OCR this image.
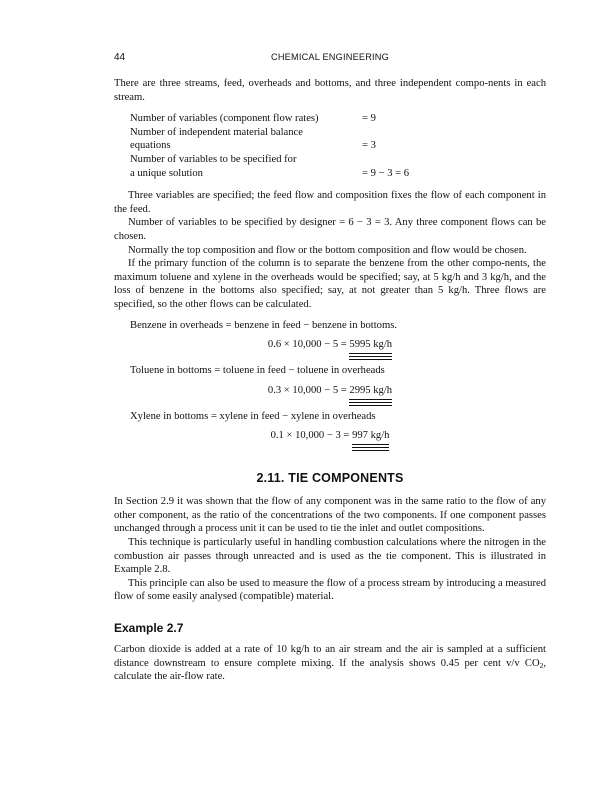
44	CHEMICAL ENGINEERING

There are three streams, feed, overheads and bottoms, and three independent compo-nents in each stream.

Number of variables (component flow rates)	= 9
Number of independent material balance
equations	= 3
Number of variables to be specified for
a unique solution	= 9 − 3 = 6

Three variables are specified; the feed flow and composition fixes the flow of each component in the feed.

Number of variables to be specified by designer = 6 − 3 = 3. Any three component flows can be chosen.

Normally the top composition and flow or the bottom composition and flow would be chosen.

If the primary function of the column is to separate the benzene from the other compo-nents, the maximum toluene and xylene in the overheads would be specified; say, at 5 kg/h and 3 kg/h, and the loss of benzene in the bottoms also specified; say, at not greater than 5 kg/h. Three flows are specified, so the other flows can be calculated.

Benzene in overheads = benzene in feed − benzene in bottoms.
0.6 × 10,000 − 5 = 5995 kg/h
Toluene in bottoms = toluene in feed − toluene in overheads
0.3 × 10,000 − 5 = 2995 kg/h
Xylene in bottoms = xylene in feed − xylene in overheads
0.1 × 10,000 − 3 = 997 kg/h
2.11. TIE COMPONENTS

In Section 2.9 it was shown that the flow of any component was in the same ratio to the flow of any other component, as the ratio of the concentrations of the two components. If one component passes unchanged through a process unit it can be used to tie the inlet and outlet compositions.

This technique is particularly useful in handling combustion calculations where the nitrogen in the combustion air passes through unreacted and is used as the tie component. This is illustrated in Example 2.8.

This principle can also be used to measure the flow of a process stream by introducing a measured flow of some easily analysed (compatible) material.

Example 2.7

Carbon dioxide is added at a rate of 10 kg/h to an air stream and the air is sampled at a sufficient distance downstream to ensure complete mixing. If the analysis shows 0.45 per cent v/v $CO_2$, calculate the air-flow rate.
